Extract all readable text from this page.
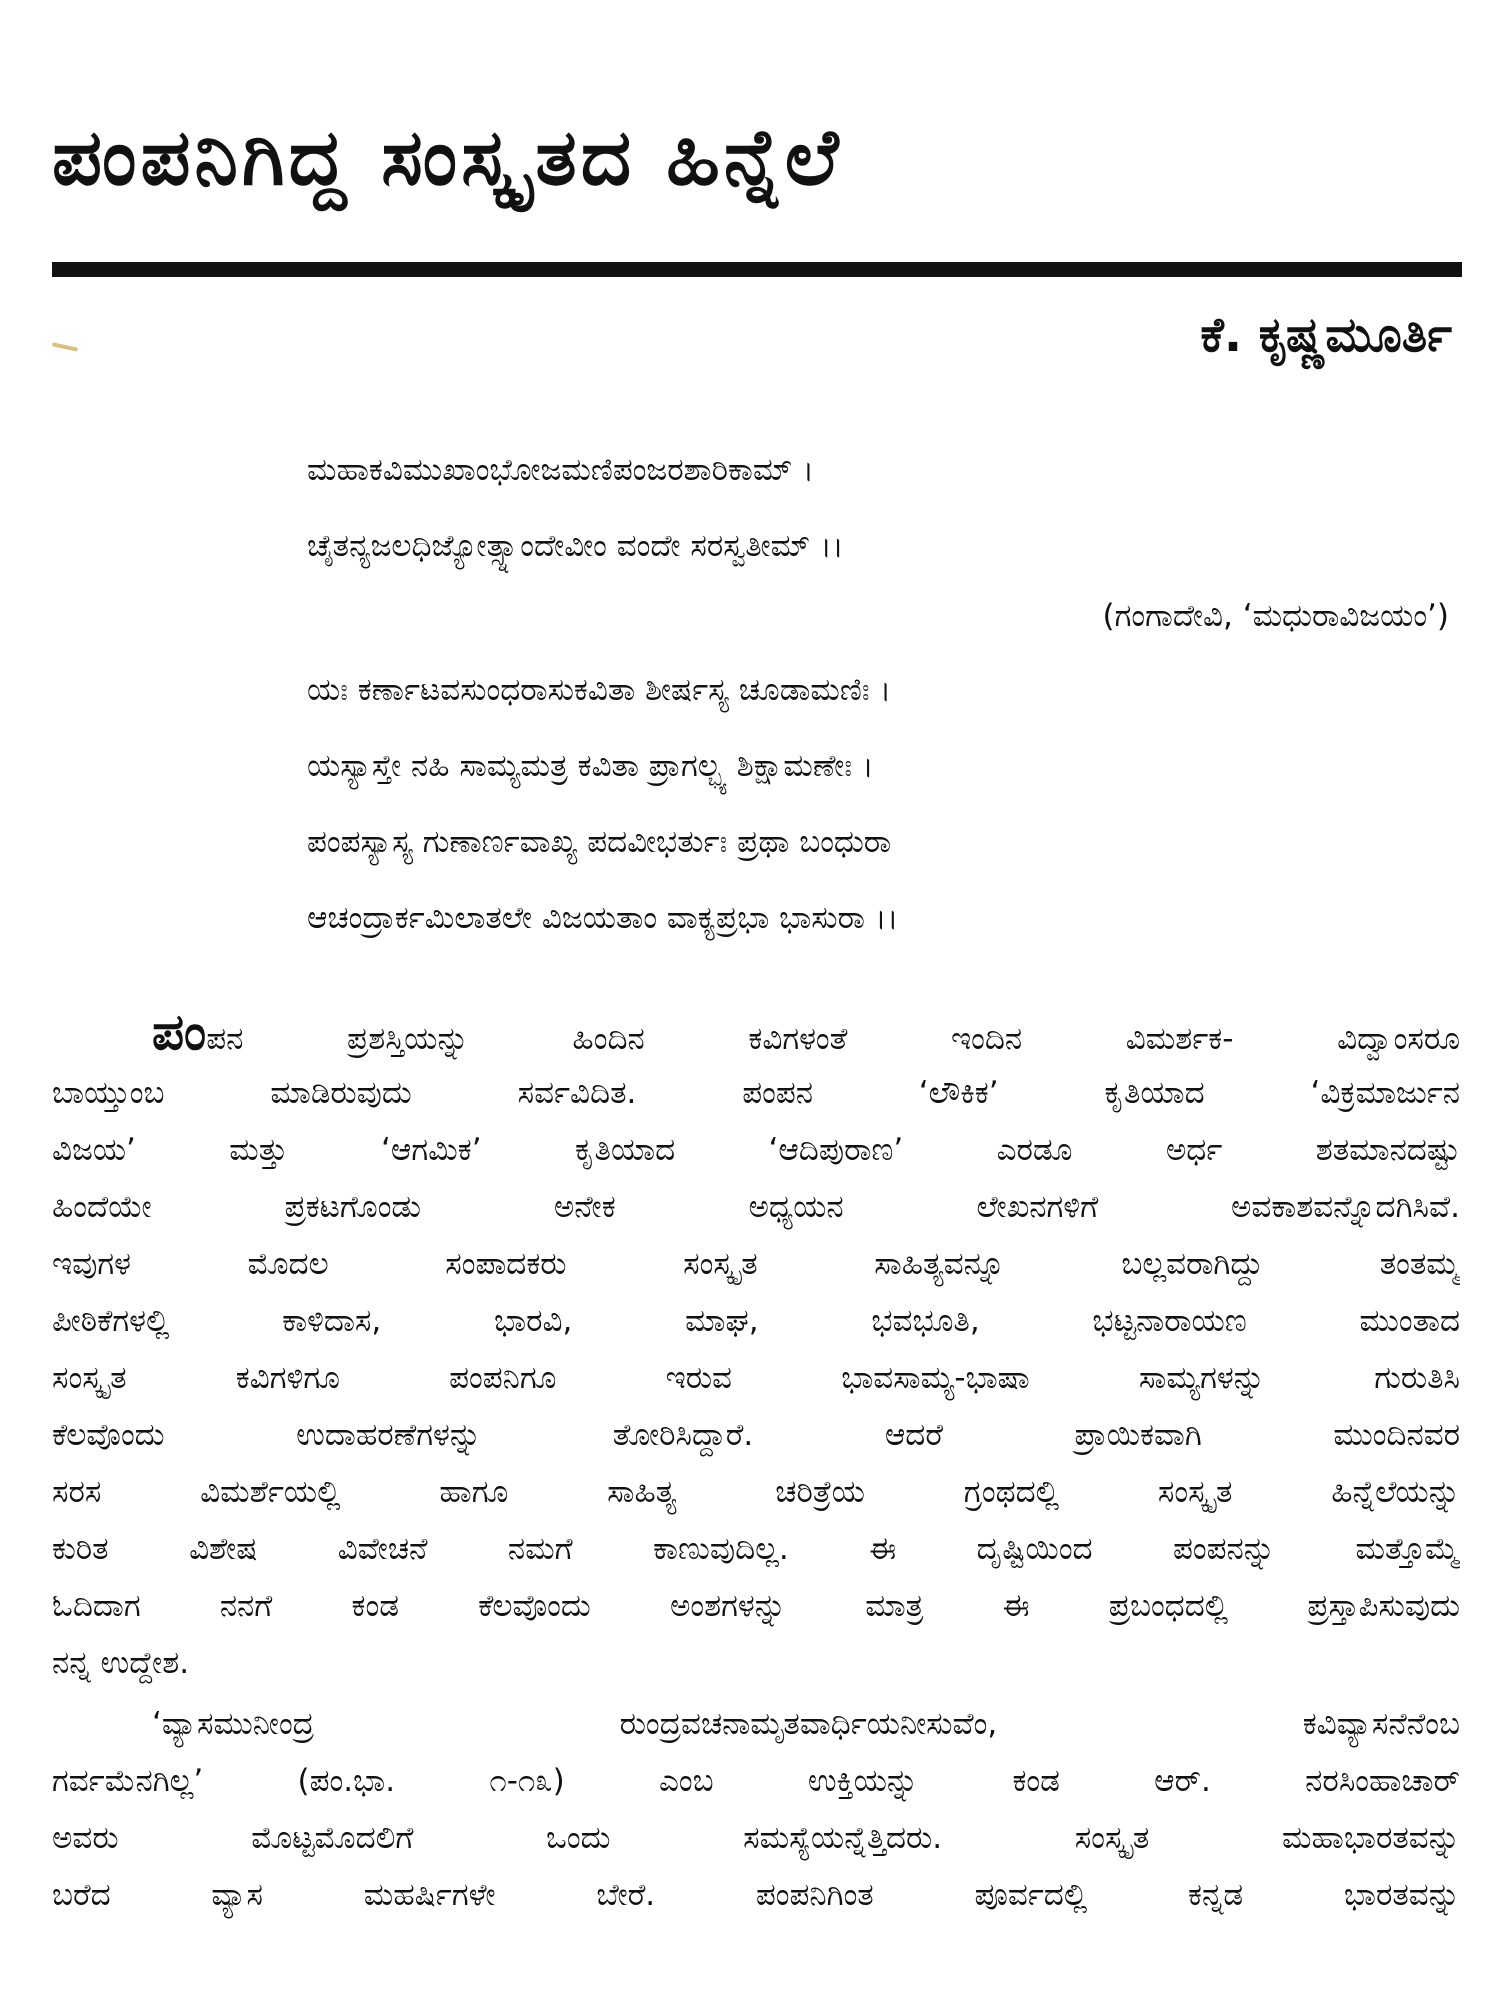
ಪಂಪನಿಗಿದ್ದ ಸಂಸ್ಕೃತದ ಹಿನ್ನೆಲೆ
ಕೆ. ಕೃಷ್ಣಮೂರ್ತಿ
ಮಹಾಕವಿಮುಖಾಂಭೋಜಮಣಿಪಂಜರಶಾರಿಕಾಮ್ ।
ಚೈತನ್ಯಜಲಧಿಜ್ಯೋತ್ಸ್ನಾಂದೇವೀಂ ವಂದೇ ಸರಸ್ವತೀಮ್ ।।
(ಗಂಗಾದೇವಿ, ‘ಮಧುರಾವಿಜಯಂ’)
ಯಃ ಕರ್ಣಾಟವಸುಂಧರಾಸುಕವಿತಾ ಶೀರ್ಷಸ್ಯ ಚೂಡಾಮಣಿಃ ।
ಯಸ್ಯಾಸ್ತೇ ನಹಿ ಸಾಮ್ಯಮತ್ರ ಕವಿತಾ ಪ್ರಾಗಲ್ಭ್ಯ ಶಿಕ್ಷಾಮಣೇಃ ।
ಪಂಪಸ್ಯಾಸ್ಯ ಗುಣಾರ್ಣವಾಖ್ಯ ಪದವೀಭರ್ತುಃ ಪ್ರಥಾ ಬಂಧುರಾ
ಆಚಂದ್ರಾರ್ಕಮಿಲಾತಲೇ ವಿಜಯತಾಂ ವಾಕ್ಯಪ್ರಭಾ ಭಾಸುರಾ ।।
ಪಂಪನ ಪ್ರಶಸ್ತಿಯನ್ನು ಹಿಂದಿನ ಕವಿಗಳಂತೆ ಇಂದಿನ ವಿಮರ್ಶಕ- ವಿದ್ವಾಂಸರೂ
ಬಾಯ್ತುಂಬ ಮಾಡಿರುವುದು ಸರ್ವವಿದಿತ. ಪಂಪನ ‘ಲೌಕಿಕ’ ಕೃತಿಯಾದ ‘ವಿಕ್ರಮಾರ್ಜುನ
ವಿಜಯ’ ಮತ್ತು ‘ಆಗಮಿಕ’ ಕೃತಿಯಾದ ‘ಆದಿಪುರಾಣ’ ಎರಡೂ ಅರ್ಧ ಶತಮಾನದಷ್ಟು
ಹಿಂದೆಯೇ ಪ್ರಕಟಗೊಂಡು ಅನೇಕ ಅಧ್ಯಯನ ಲೇಖನಗಳಿಗೆ ಅವಕಾಶವನ್ನೊದಗಿಸಿವೆ.
ಇವುಗಳ ಮೊದಲ ಸಂಪಾದಕರು ಸಂಸ್ಕೃತ ಸಾಹಿತ್ಯವನ್ನೂ ಬಲ್ಲವರಾಗಿದ್ದು ತಂತಮ್ಮ
ಪೀಠಿಕೆಗಳಲ್ಲಿ ಕಾಳಿದಾಸ, ಭಾರವಿ, ಮಾಘ, ಭವಭೂತಿ, ಭಟ್ಟನಾರಾಯಣ ಮುಂತಾದ
ಸಂಸ್ಕೃತ ಕವಿಗಳಿಗೂ ಪಂಪನಿಗೂ ಇರುವ ಭಾವಸಾಮ್ಯ-ಭಾಷಾ ಸಾಮ್ಯಗಳನ್ನು ಗುರುತಿಸಿ
ಕೆಲವೊಂದು ಉದಾಹರಣೆಗಳನ್ನು ತೋರಿಸಿದ್ದಾರೆ. ಆದರೆ ಪ್ರಾಯಿಕವಾಗಿ ಮುಂದಿನವರ
ಸರಸ ವಿಮರ್ಶೆಯಲ್ಲಿ ಹಾಗೂ ಸಾಹಿತ್ಯ ಚರಿತ್ರೆಯ ಗ್ರಂಥದಲ್ಲಿ ಸಂಸ್ಕೃತ ಹಿನ್ನೆಲೆಯನ್ನು
ಕುರಿತ ವಿಶೇಷ ವಿವೇಚನೆ ನಮಗೆ ಕಾಣುವುದಿಲ್ಲ. ಈ ದೃಷ್ಟಿಯಿಂದ ಪಂಪನನ್ನು ಮತ್ತೊಮ್ಮೆ
ಓದಿದಾಗ ನನಗೆ ಕಂಡ ಕೆಲವೊಂದು ಅಂಶಗಳನ್ನು ಮಾತ್ರ ಈ ಪ್ರಬಂಧದಲ್ಲಿ ಪ್ರಸ್ತಾಪಿಸುವುದು
ನನ್ನ ಉದ್ದೇಶ.
‘ವ್ಯಾಸಮುನೀಂದ್ರ ರುಂದ್ರವಚನಾಮೃತವಾರ್ಧಿಯನೀಸುವೆಂ, ಕವಿವ್ಯಾಸನೆನೆಂಬ
ಗರ್ವಮೆನಗಿಲ್ಲ’ (ಪಂ.ಭಾ. ೧-೧೩) ಎಂಬ ಉಕ್ತಿಯನ್ನು ಕಂಡ ಆರ್. ನರಸಿಂಹಾಚಾರ್
ಅವರು ಮೊಟ್ಟಮೊದಲಿಗೆ ಒಂದು ಸಮಸ್ಯೆಯನ್ನೆತ್ತಿದರು. ಸಂಸ್ಕೃತ ಮಹಾಭಾರತವನ್ನು
ಬರೆದ ವ್ಯಾಸ ಮಹರ್ಷಿಗಳೇ ಬೇರೆ. ಪಂಪನಿಗಿಂತ ಪೂರ್ವದಲ್ಲಿ ಕನ್ನಡ ಭಾರತವನ್ನು
